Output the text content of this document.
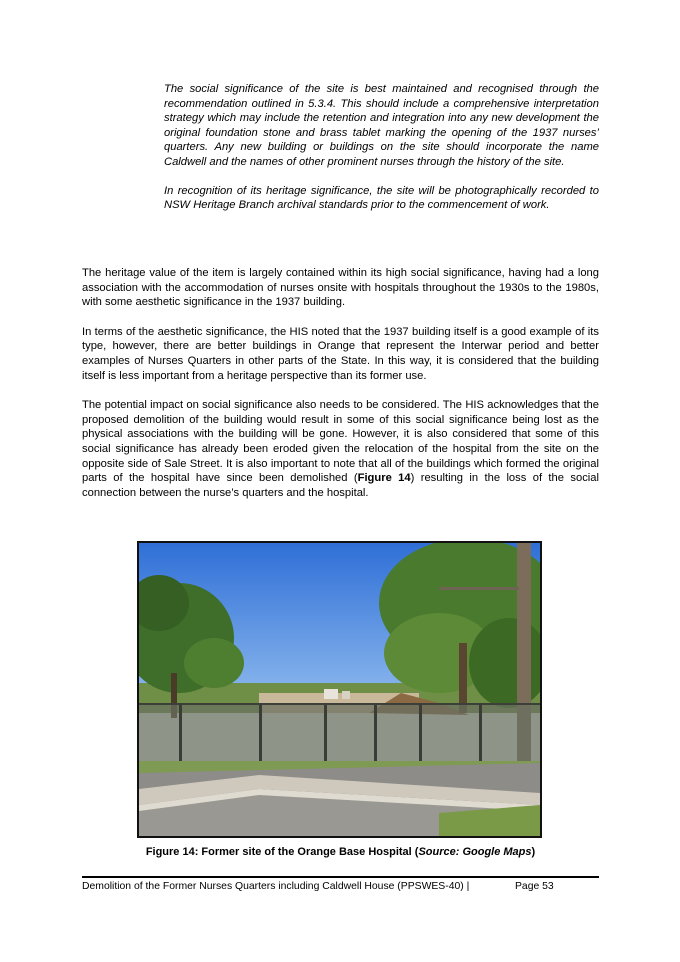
The social significance of the site is best maintained and recognised through the recommendation outlined in 5.3.4. This should include a comprehensive interpretation strategy which may include the retention and integration into any new development the original foundation stone and brass tablet marking the opening of the 1937 nurses’ quarters. Any new building or buildings on the site should incorporate the name Caldwell and the names of other prominent nurses through the history of the site.

In recognition of its heritage significance, the site will be photographically recorded to NSW Heritage Branch archival standards prior to the commencement of work.

The heritage value of the item is largely contained within its high social significance, having had a long association with the accommodation of nurses onsite with hospitals throughout the 1930s to the 1980s, with some aesthetic significance in the 1937 building.

In terms of the aesthetic significance, the HIS noted that the 1937 building itself is a good example of its type, however, there are better buildings in Orange that represent the Interwar period and better examples of Nurses Quarters in other parts of the State. In this way, it is considered that the building itself is less important from a heritage perspective than its former use.

The potential impact on social significance also needs to be considered. The HIS acknowledges that the proposed demolition of the building would result in some of this social significance being lost as the physical associations with the building will be gone. However, it is also considered that some of this social significance has already been eroded given the relocation of the hospital from the site on the opposite side of Sale Street. It is also important to note that all of the buildings which formed the original parts of the hospital have since been demolished (Figure 14) resulting in the loss of the social connection between the nurse’s quarters and the hospital.

Figure 14: Former site of the Orange Base Hospital (Source: Google Maps)
Demolition of the Former Nurses Quarters including Caldwell House (PPSWES-40) |	Page 53
